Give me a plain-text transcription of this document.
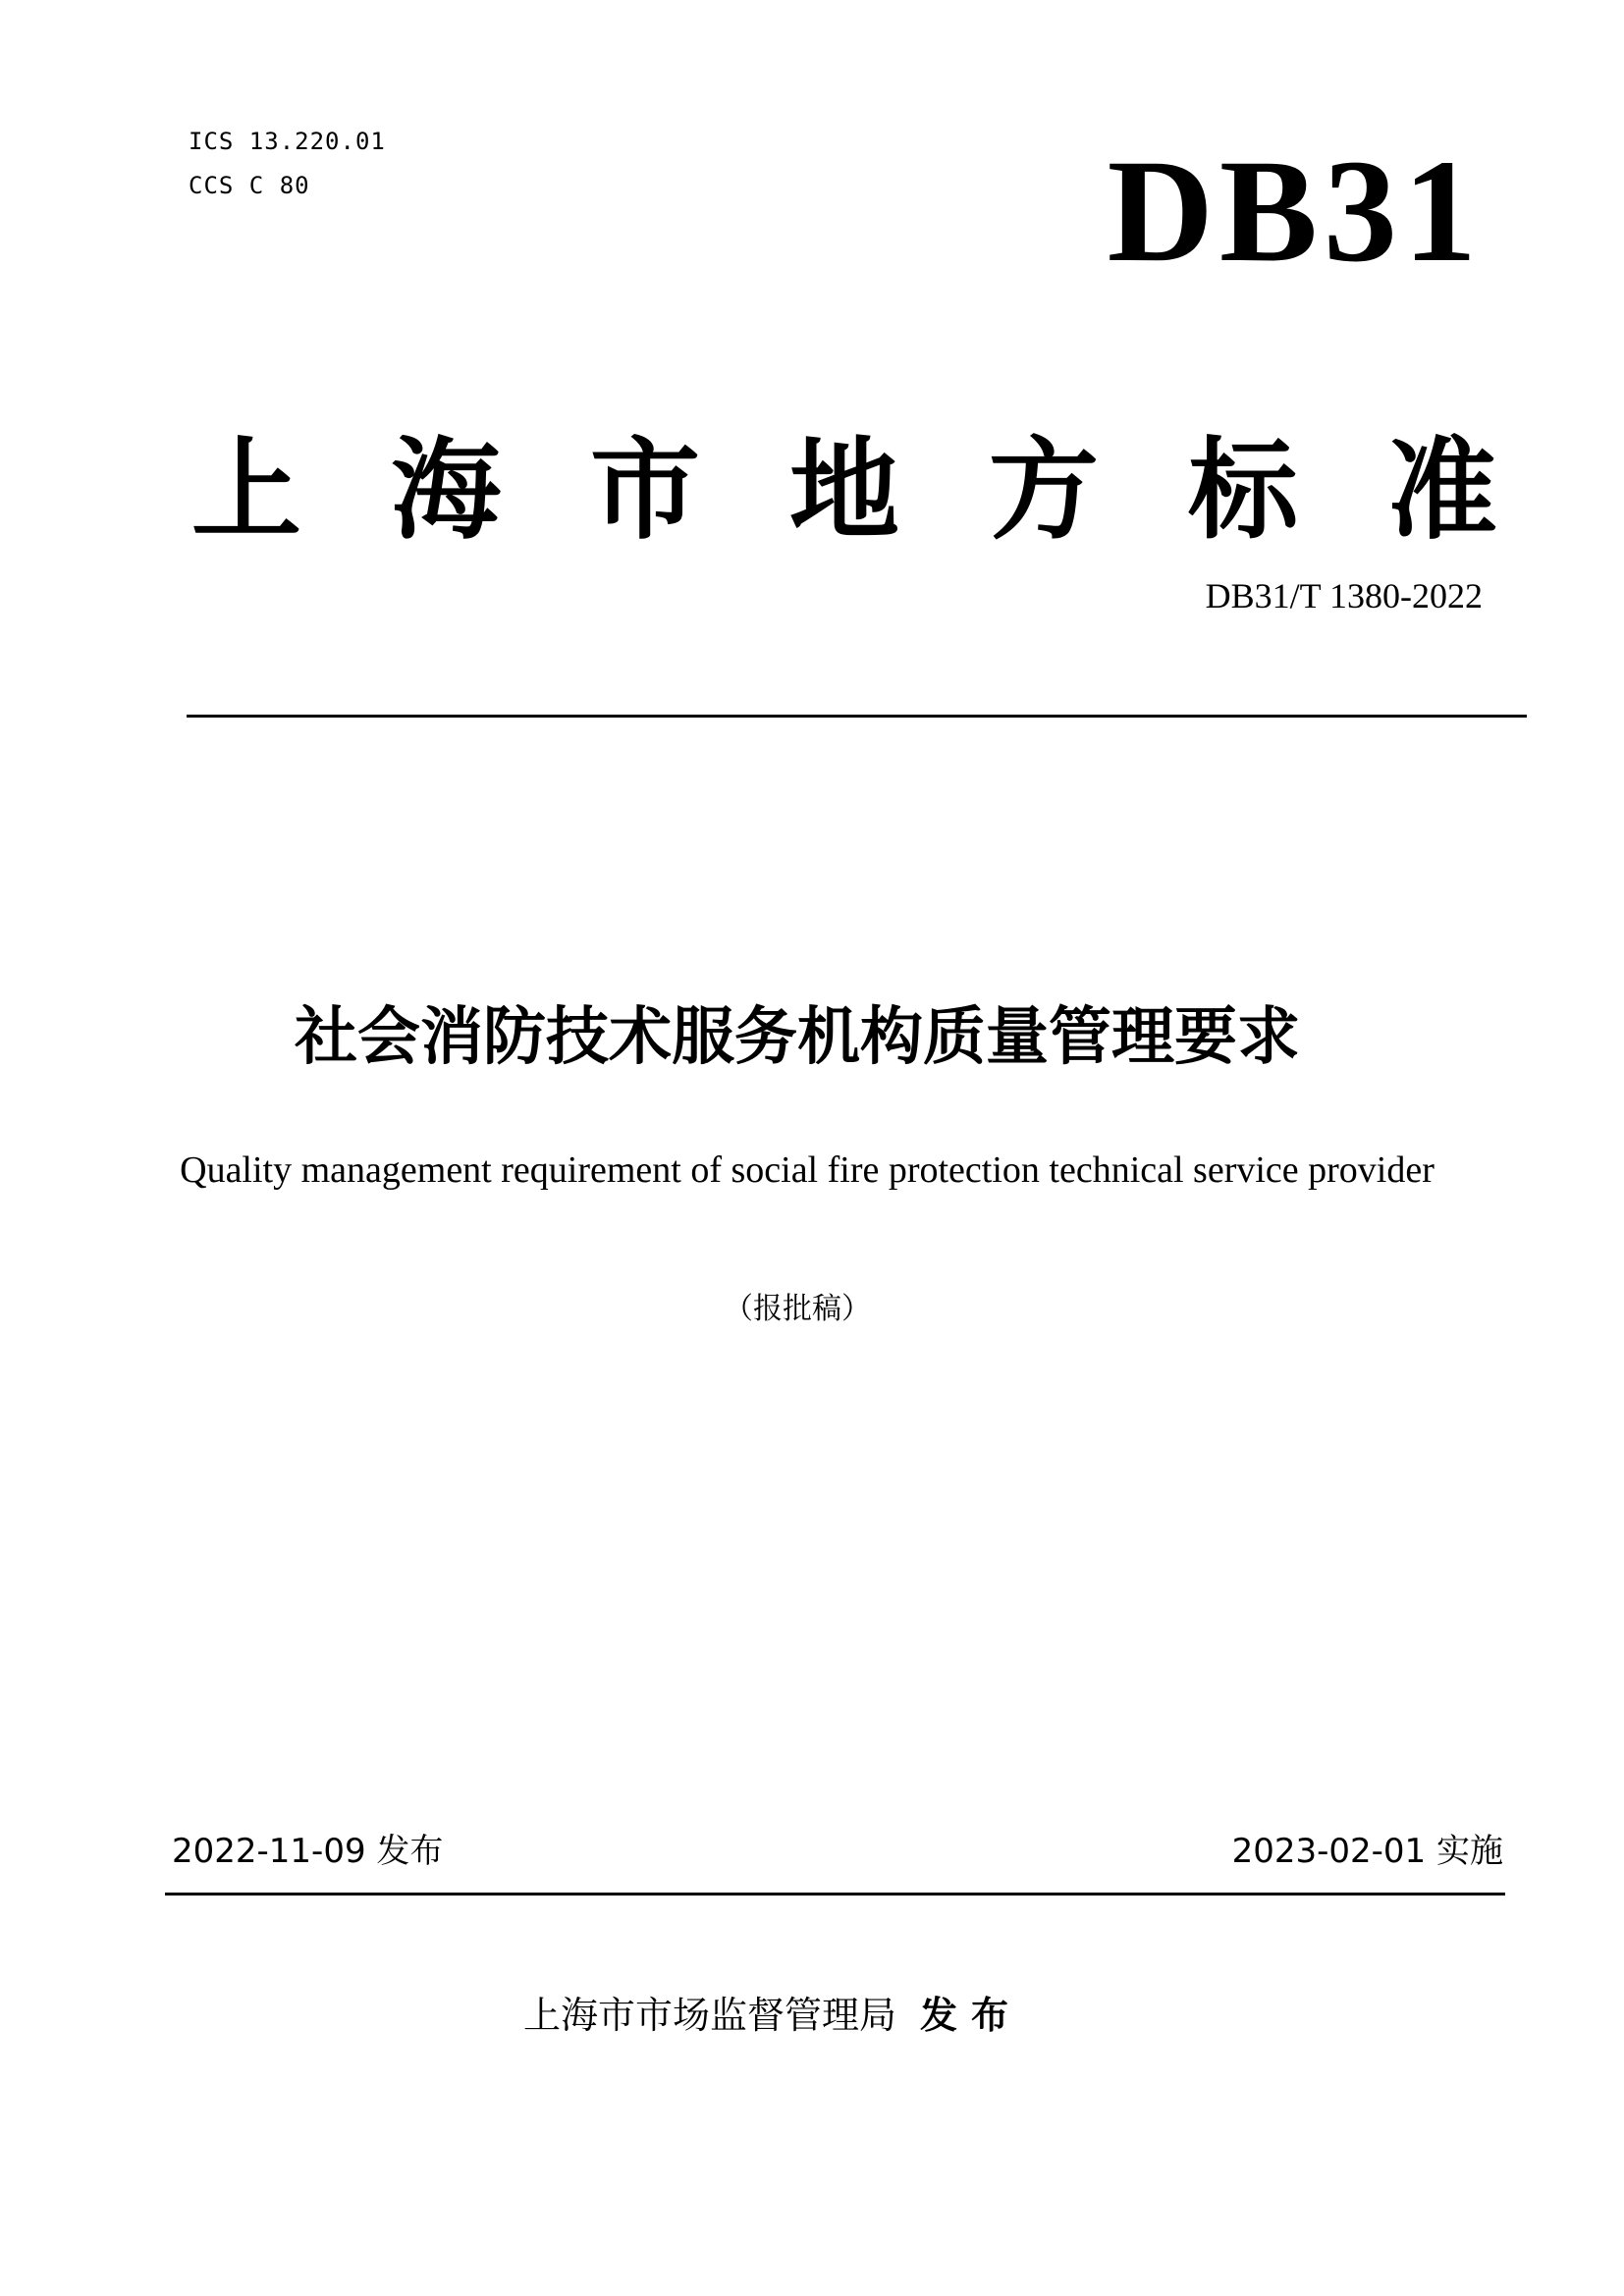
ICS 13.220.01
CCS C 80	DB31
上 海 市 地 方 标 准
DB31/T 1380-2022
社会消防技术服务机构质量管理要求
Quality management requirement of social fire protection technical service provider
（报批稿）
2022-11-09 发布	2023-02-01 实施
上海市市场监督管理局 发布
